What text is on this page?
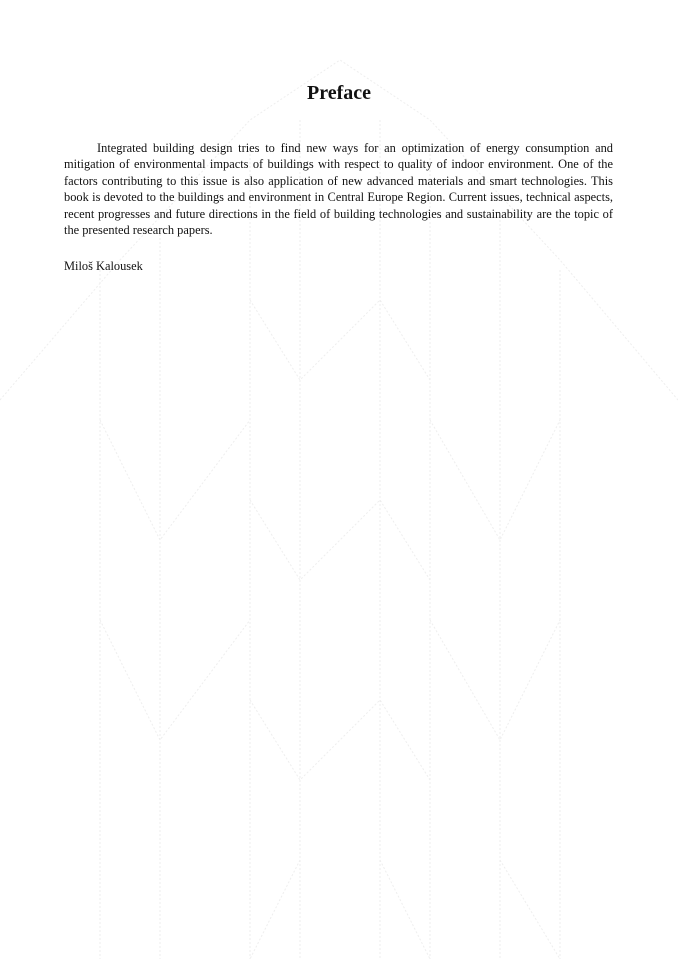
Preface

Integrated building design tries to find new ways for an optimization of energy consumption and mitigation of environmental impacts of buildings with respect to quality of indoor environment. One of the factors contributing to this issue is also application of new advanced materials and smart technologies. This book is devoted to the buildings and environment in Central Europe Region. Current issues, technical aspects, recent progresses and future directions in the field of building technologies and sustainability are the topic of the presented research papers.

Miloš Kalousek
